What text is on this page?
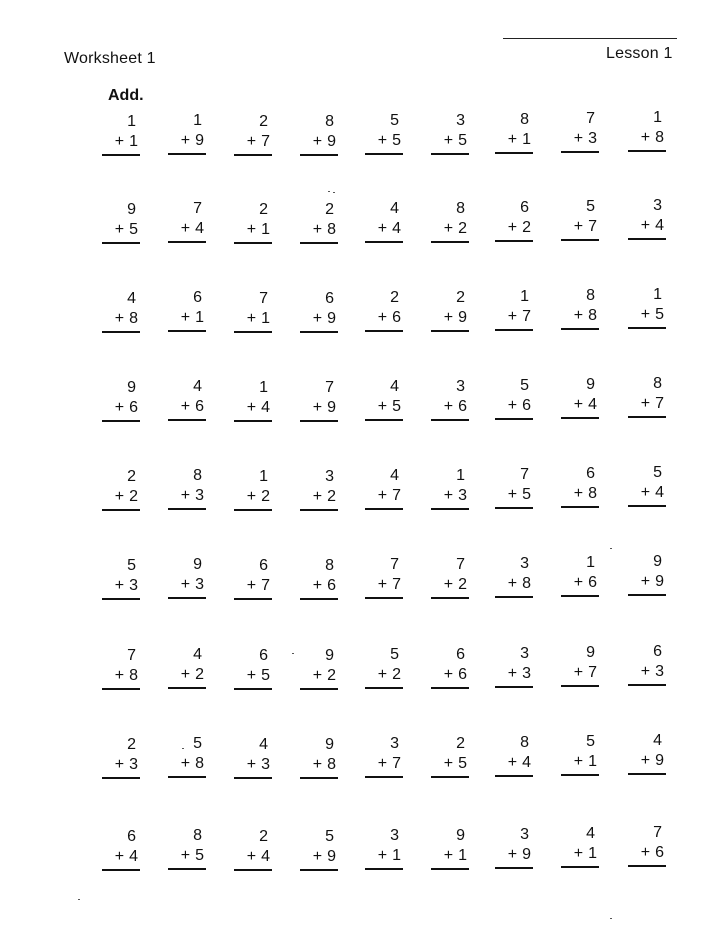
Worksheet 1	Lesson 1
Add.
1
+ 1
1
+ 9
2
+ 7
8
+ 9
5
+ 5
3
+ 5
8
+ 1
7
+ 3
1
+ 8
9
+ 5
7
+ 4
2
+ 1
2
+ 8
4
+ 4
8
+ 2
6
+ 2
5
+ 7
3
+ 4
4
+ 8
6
+ 1
7
+ 1
6
+ 9
2
+ 6
2
+ 9
1
+ 7
8
+ 8
1
+ 5
9
+ 6
4
+ 6
1
+ 4
7
+ 9
4
+ 5
3
+ 6
5
+ 6
9
+ 4
8
+ 7
2
+ 2
8
+ 3
1
+ 2
3
+ 2
4
+ 7
1
+ 3
7
+ 5
6
+ 8
5
+ 4
5
+ 3
9
+ 3
6
+ 7
8
+ 6
7
+ 7
7
+ 2
3
+ 8
1
+ 6
9
+ 9
7
+ 8
4
+ 2
6
+ 5
9
+ 2
5
+ 2
6
+ 6
3
+ 3
9
+ 7
6
+ 3
2
+ 3
5
+ 8
4
+ 3
9
+ 8
3
+ 7
2
+ 5
8
+ 4
5
+ 1
4
+ 9
6
+ 4
8
+ 5
2
+ 4
5
+ 9
3
+ 1
9
+ 1
3
+ 9
4
+ 1
7
+ 6
